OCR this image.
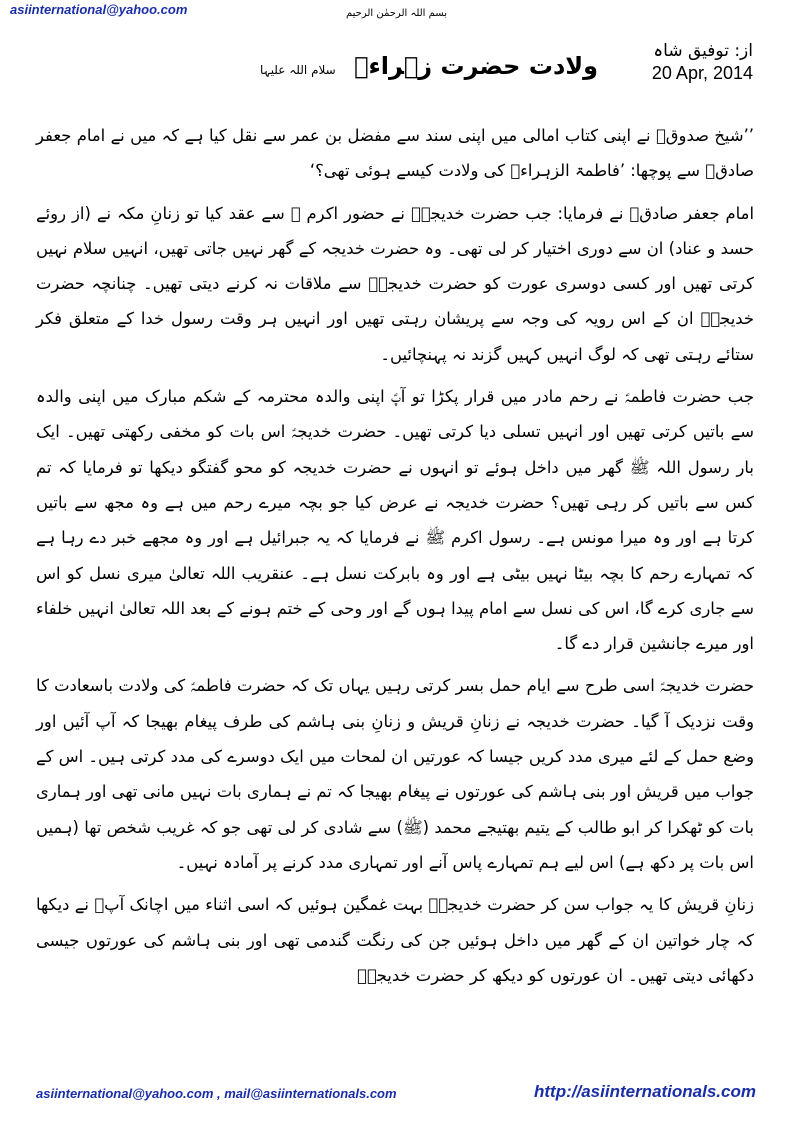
asiinternational@yahoo.com	بسم اللہ الرحمٰن الرحیم
از: توفیق شاہ
20 Apr, 2014
ولادت حضرت زہراءؑ سلام اللہ علیہا

’’شیخ صدوقؒ نے اپنی کتاب امالی میں اپنی سند سے مفضل بن عمر سے نقل کیا ہے کہ میں نے امام جعفر صادقؑ سے پوچھا: ’فاطمۃ الزہراءؑ کی ولادت کیسے ہوئی تھی؟‘

امام جعفر صادقؑ نے فرمایا: جب حضرت خدیجہؑ نے حضور اکرم ﷺ سے عقد کیا تو زنانِ مکہ نے (از روئے حسد و عناد) ان سے دوری اختیار کر لی تھی۔ وہ حضرت خدیجہ کے گھر نہیں جاتی تھیں، انہیں سلام نہیں کرتی تھیں اور کسی دوسری عورت کو حضرت خدیجہؑ سے ملاقات نہ کرنے دیتی تھیں۔ چنانچہ حضرت خدیجہؑ ان کے اس رویہ کی وجہ سے پریشان رہتی تھیں اور انہیں ہر وقت رسول خدا کے متعلق فکر ستائے رہتی تھی کہ لوگ انہیں کہیں گزند نہ پہنچائیں۔

جب حضرت فاطمہؑ نے رحم مادر میں قرار پکڑا تو آپؑ اپنی والدہ محترمہ کے شکم مبارک میں اپنی والدہ سے باتیں کرتی تھیں اور انہیں تسلی دیا کرتی تھیں۔ حضرت خدیجہؑ اس بات کو مخفی رکھتی تھیں۔ ایک بار رسول اللہ ﷺ گھر میں داخل ہوئے تو انہوں نے حضرت خدیجہ کو محو گفتگو دیکھا تو فرمایا کہ تم کس سے باتیں کر رہی تھیں؟ حضرت خدیجہ نے عرض کیا جو بچہ میرے رحم میں ہے وہ مجھ سے باتیں کرتا ہے اور وہ میرا مونس ہے۔ رسول اکرم ﷺ نے فرمایا کہ یہ جبرائیل ہے اور وہ مجھے خبر دے رہا ہے کہ تمہارے رحم کا بچہ بیٹا نہیں بیٹی ہے اور وہ بابرکت نسل ہے۔ عنقریب اللہ تعالیٰ میری نسل کو اس سے جاری کرے گا، اس کی نسل سے امام پیدا ہوں گے اور وحی کے ختم ہونے کے بعد اللہ تعالیٰ انہیں خلفاء اور میرے جانشین قرار دے گا۔

حضرت خدیجہؑ اسی طرح سے ایام حمل بسر کرتی رہیں یہاں تک کہ حضرت فاطمہؑ کی ولادت باسعادت کا وقت نزدیک آ گیا۔ حضرت خدیجہ نے زنانِ قریش و زنانِ بنی ہاشم کی طرف پیغام بھیجا کہ آپ آئیں اور وضع حمل کے لئے میری مدد کریں جیسا کہ عورتیں ان لمحات میں ایک دوسرے کی مدد کرتی ہیں۔ اس کے جواب میں قریش اور بنی ہاشم کی عورتوں نے پیغام بھیجا کہ تم نے ہماری بات نہیں مانی تھی اور ہماری بات کو ٹھکرا کر ابو طالب کے یتیم بھتیجے محمد (ﷺ) سے شادی کر لی تھی جو کہ غریب شخص تھا (ہمیں اس بات پر دکھ ہے) اس لیے ہم تمہارے پاس آنے اور تمہاری مدد کرنے پر آمادہ نہیں۔

زنانِ قریش کا یہ جواب سن کر حضرت خدیجہؑ بہت غمگین ہوئیں کہ اسی اثناء میں اچانک آپؑ نے دیکھا کہ چار خواتین ان کے گھر میں داخل ہوئیں جن کی رنگت گندمی تھی اور بنی ہاشم کی عورتوں جیسی دکھائی دیتی تھیں۔ ان عورتوں کو دیکھ کر حضرت خدیجہؑ

asiinternational@yahoo.com , mail@asiinternationals.com	http://asiinternationals.com
